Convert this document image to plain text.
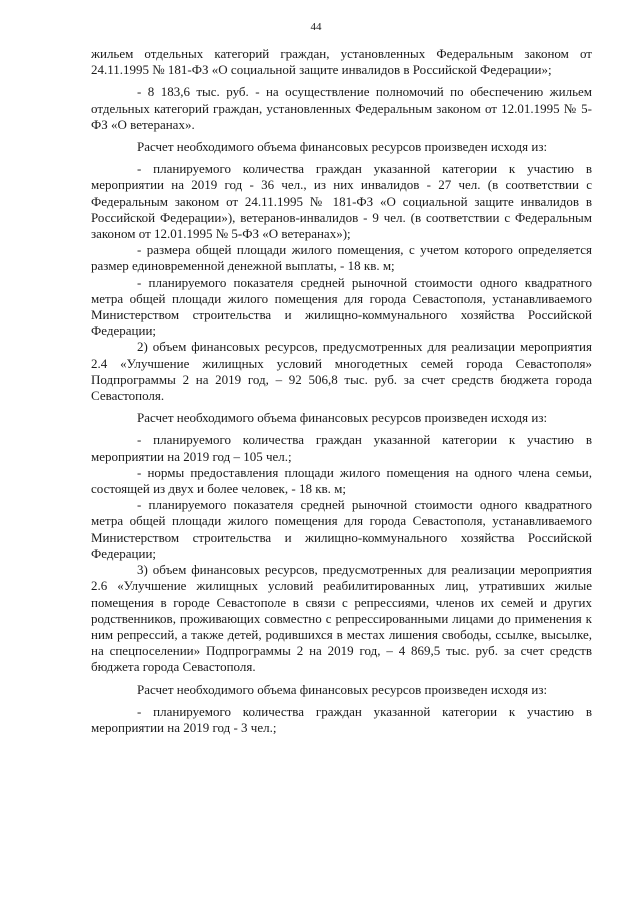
44

жильем отдельных категорий граждан, установленных Федеральным законом от 24.11.1995 № 181-ФЗ «О социальной защите инвалидов в Российской Федерации»;

- 8 183,6 тыс. руб. - на осуществление полномочий по обеспечению жильем отдельных категорий граждан, установленных Федеральным законом от 12.01.1995 № 5-ФЗ «О ветеранах».

Расчет необходимого объема финансовых ресурсов произведен исходя из:

- планируемого количества граждан указанной категории к участию в мероприятии на 2019 год - 36 чел., из них инвалидов - 27 чел. (в соответствии с Федеральным законом от 24.11.1995 № 181-ФЗ «О социальной защите инвалидов в Российской Федерации»), ветеранов-инвалидов - 9 чел. (в соответствии с Федеральным законом от 12.01.1995 № 5-ФЗ «О ветеранах»);

- размера общей площади жилого помещения, с учетом которого определяется размер единовременной денежной выплаты, - 18 кв. м;

- планируемого показателя средней рыночной стоимости одного квадратного метра общей площади жилого помещения для города Севастополя, устанавливаемого Министерством строительства и жилищно-коммунального хозяйства Российской Федерации;

2) объем финансовых ресурсов, предусмотренных для реализации мероприятия 2.4 «Улучшение жилищных условий многодетных семей города Севастополя» Подпрограммы 2 на 2019 год, – 92 506,8 тыс. руб. за счет средств бюджета города Севастополя.

Расчет необходимого объема финансовых ресурсов произведен исходя из:

- планируемого количества граждан указанной категории к участию в мероприятии на 2019 год – 105 чел.;

- нормы предоставления площади жилого помещения на одного члена семьи, состоящей из двух и более человек, - 18 кв. м;

- планируемого показателя средней рыночной стоимости одного квадратного метра общей площади жилого помещения для города Севастополя, устанавливаемого Министерством строительства и жилищно-коммунального хозяйства Российской Федерации;

3) объем финансовых ресурсов, предусмотренных для реализации мероприятия 2.6 «Улучшение жилищных условий реабилитированных лиц, утративших жилые помещения в городе Севастополе в связи с репрессиями, членов их семей и других родственников, проживающих совместно с репрессированными лицами до применения к ним репрессий, а также детей, родившихся в местах лишения свободы, ссылке, высылке, на спецпоселении» Подпрограммы 2 на 2019 год, – 4 869,5 тыс. руб. за счет средств бюджета города Севастополя.

Расчет необходимого объема финансовых ресурсов произведен исходя из:

- планируемого количества граждан указанной категории к участию в мероприятии на 2019 год - 3 чел.;
